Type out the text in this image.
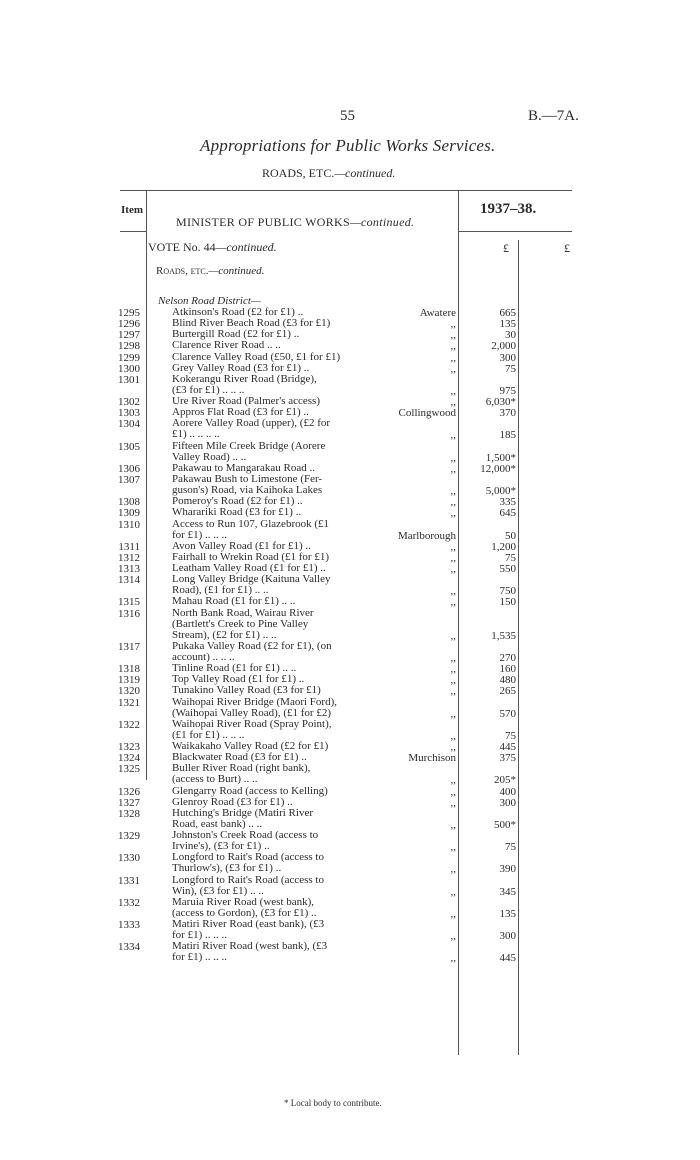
55	B.—7A.
Appropriations for Public Works Services.
ROADS, ETC.—continued.
Item	1937–38.
MINISTER OF PUBLIC WORKS—continued.
VOTE No. 44—continued.	£	£
Roads, etc.—continued.
Nelson Road District—
1295	Atkinson's Road (£2 for £1) ..	Awatere	665
1296	Blind River Beach Road (£3 for £1)	,,	135
1297	Burtergill Road (£2 for £1) ..	,,	30
1298	Clarence River Road .. ..	,,	2,000
1299	Clarence Valley Road (£50, £1 for £1)	,,	300
1300	Grey Valley Road (£3 for £1) ..	,,	75
1301	Kokerangu River Road (Bridge),
(£3 for £1) .. .. ..	,,	975
1302	Ure River Road (Palmer's access)	,,	6,030*
1303	Appros Flat Road (£3 for £1) ..	Collingwood	370
1304	Aorere Valley Road (upper), (£2 for
£1) .. .. .. ..	,,	185
1305	Fifteen Mile Creek Bridge (Aorere
Valley Road) .. ..	,,	1,500*
1306	Pakawau to Mangarakau Road ..	,,	12,000*
1307	Pakawau Bush to Limestone (Fer-
guson's) Road, via Kaihoka Lakes	,,	5,000*
1308	Pomeroy's Road (£2 for £1) ..	,,	335
1309	Wharariki Road (£3 for £1) ..	,,	645
1310	Access to Run 107, Glazebrook (£1
for £1) .. .. ..	Marlborough	50
1311	Avon Valley Road (£1 for £1) ..	,,	1,200
1312	Fairhall to Wrekin Road (£1 for £1)	,,	75
1313	Leatham Valley Road (£1 for £1) ..	,,	550
1314	Long Valley Bridge (Kaituna Valley
Road), (£1 for £1) .. ..	,,	750
1315	Mahau Road (£1 for £1) .. ..	,,	150
1316	North Bank Road, Wairau River
(Bartlett's Creek to Pine Valley
Stream), (£2 for £1) .. ..	,,	1,535
1317	Pukaka Valley Road (£2 for £1), (on
account) .. .. ..	,,	270
1318	Tinline Road (£1 for £1) .. ..	,,	160
1319	Top Valley Road (£1 for £1) ..	,,	480
1320	Tunakino Valley Road (£3 for £1)	,,	265
1321	Waihopai River Bridge (Maori Ford),
(Waihopai Valley Road), (£1 for £2)	,,	570
1322	Waihopai River Road (Spray Point),
(£1 for £1) .. .. ..	,,	75
1323	Waikakaho Valley Road (£2 for £1)	,,	445
1324	Blackwater Road (£3 for £1) ..	Murchison	375
1325	Buller River Road (right bank),
(access to Burt) .. ..	,,	205*
1326	Glengarry Road (access to Kelling)	,,	400
1327	Glenroy Road (£3 for £1) ..	,,	300
1328	Hutching's Bridge (Matiri River
Road, east bank) .. ..	,,	500*
1329	Johnston's Creek Road (access to
Irvine's), (£3 for £1) ..	,,	75
1330	Longford to Rait's Road (access to
Thurlow's), (£3 for £1) ..	,,	390
1331	Longford to Rait's Road (access to
Win), (£3 for £1) .. ..	,,	345
1332	Maruia River Road (west bank),
(access to Gordon), (£3 for £1) ..	,,	135
1333	Matiri River Road (east bank), (£3
for £1) .. .. ..	,,	300
1334	Matiri River Road (west bank), (£3
for £1) .. .. ..	,,	445
* Local body to contribute.
